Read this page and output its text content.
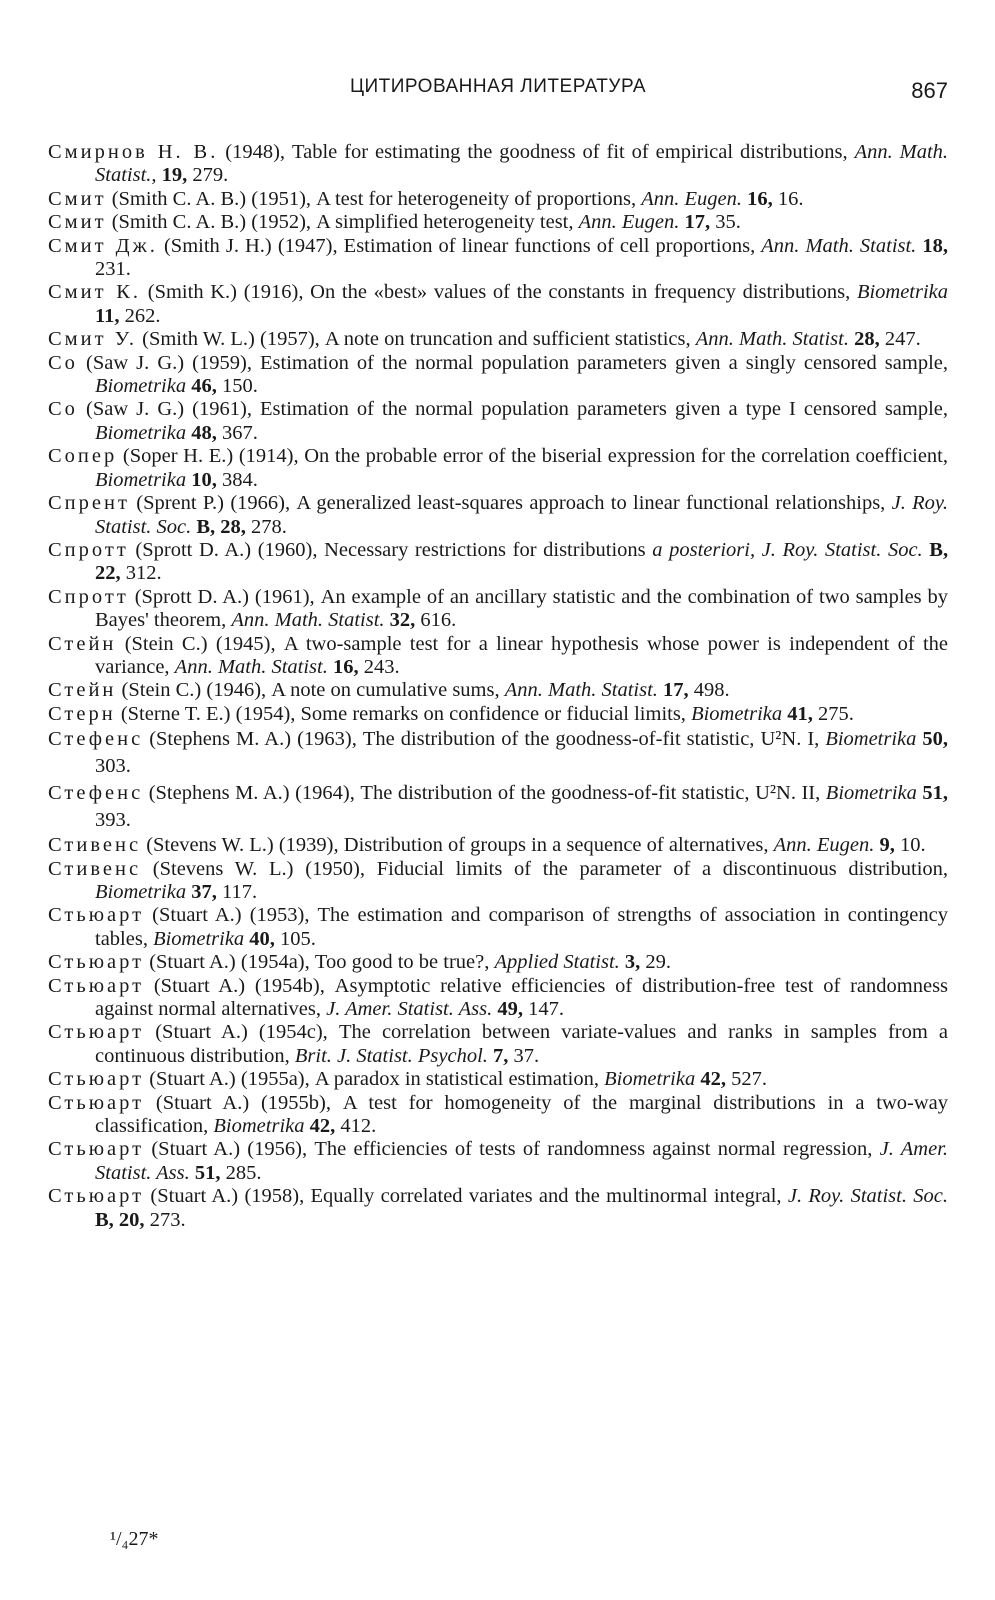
ЦИТИРОВАННАЯ ЛИТЕРАТУРА	867
Смирнов Н. В. (1948), Table for estimating the goodness of fit of empirical distributions, Ann. Math. Statist., 19, 279.
Смит (Smith C. A. B.) (1951), A test for heterogeneity of proportions, Ann. Eugen. 16, 16.
Смит (Smith C. A. B.) (1952), A simplified heterogeneity test, Ann. Eugen. 17, 35.
Смит Дж. (Smith J. H.) (1947), Estimation of linear functions of cell proportions, Ann. Math. Statist. 18, 231.
Смит К. (Smith K.) (1916), On the «best» values of the constants in frequency distributions, Biometrika 11, 262.
Смит У. (Smith W. L.) (1957), A note on truncation and sufficient statistics, Ann. Math. Statist. 28, 247.
Со (Saw J. G.) (1959), Estimation of the normal population parameters given a singly censored sample, Biometrika 46, 150.
Со (Saw J. G.) (1961), Estimation of the normal population parameters given a type I censored sample, Biometrika 48, 367.
Сопер (Soper H. E.) (1914), On the probable error of the biserial expression for the correlation coefficient, Biometrika 10, 384.
Спрент (Sprent P.) (1966), A generalized least-squares approach to linear functional relationships, J. Roy. Statist. Soc. B, 28, 278.
Спротт (Sprott D. A.) (1960), Necessary restrictions for distributions a posteriori, J. Roy. Statist. Soc. B, 22, 312.
Спротт (Sprott D. A.) (1961), An example of an ancillary statistic and the combination of two samples by Bayes' theorem, Ann. Math. Statist. 32, 616.
Стейн (Stein C.) (1945), A two-sample test for a linear hypothesis whose power is independent of the variance, Ann. Math. Statist. 16, 243.
Стейн (Stein C.) (1946), A note on cumulative sums, Ann. Math. Statist. 17, 498.
Стерн (Sterne T. E.) (1954), Some remarks on confidence or fiducial limits, Biometrika 41, 275.
Стефенс (Stephens M. A.) (1963), The distribution of the goodness-of-fit statistic, U²N. I, Biometrika 50, 303.
Стефенс (Stephens M. A.) (1964), The distribution of the goodness-of-fit statistic, U²N. II, Biometrika 51, 393.
Стивенс (Stevens W. L.) (1939), Distribution of groups in a sequence of alternatives, Ann. Eugen. 9, 10.
Стивенс (Stevens W. L.) (1950), Fiducial limits of the parameter of a discontinuous distribution, Biometrika 37, 117.
Стьюарт (Stuart A.) (1953), The estimation and comparison of strengths of association in contingency tables, Biometrika 40, 105.
Стьюарт (Stuart A.) (1954a), Too good to be true?, Applied Statist. 3, 29.
Стьюарт (Stuart A.) (1954b), Asymptotic relative efficiencies of distribution-free test of randomness against normal alternatives, J. Amer. Statist. Ass. 49, 147.
Стьюарт (Stuart A.) (1954c), The correlation between variate-values and ranks in samples from a continuous distribution, Brit. J. Statist. Psychol. 7, 37.
Стьюарт (Stuart A.) (1955a), A paradox in statistical estimation, Biometrika 42, 527.
Стьюарт (Stuart A.) (1955b), A test for homogeneity of the marginal distributions in a two-way classification, Biometrika 42, 412.
Стьюарт (Stuart A.) (1956), The efficiencies of tests of randomness against normal regression, J. Amer. Statist. Ass. 51, 285.
Стьюарт (Stuart A.) (1958), Equally correlated variates and the multinormal integral, J. Roy. Statist. Soc. B, 20, 273.
¹/₄27*
